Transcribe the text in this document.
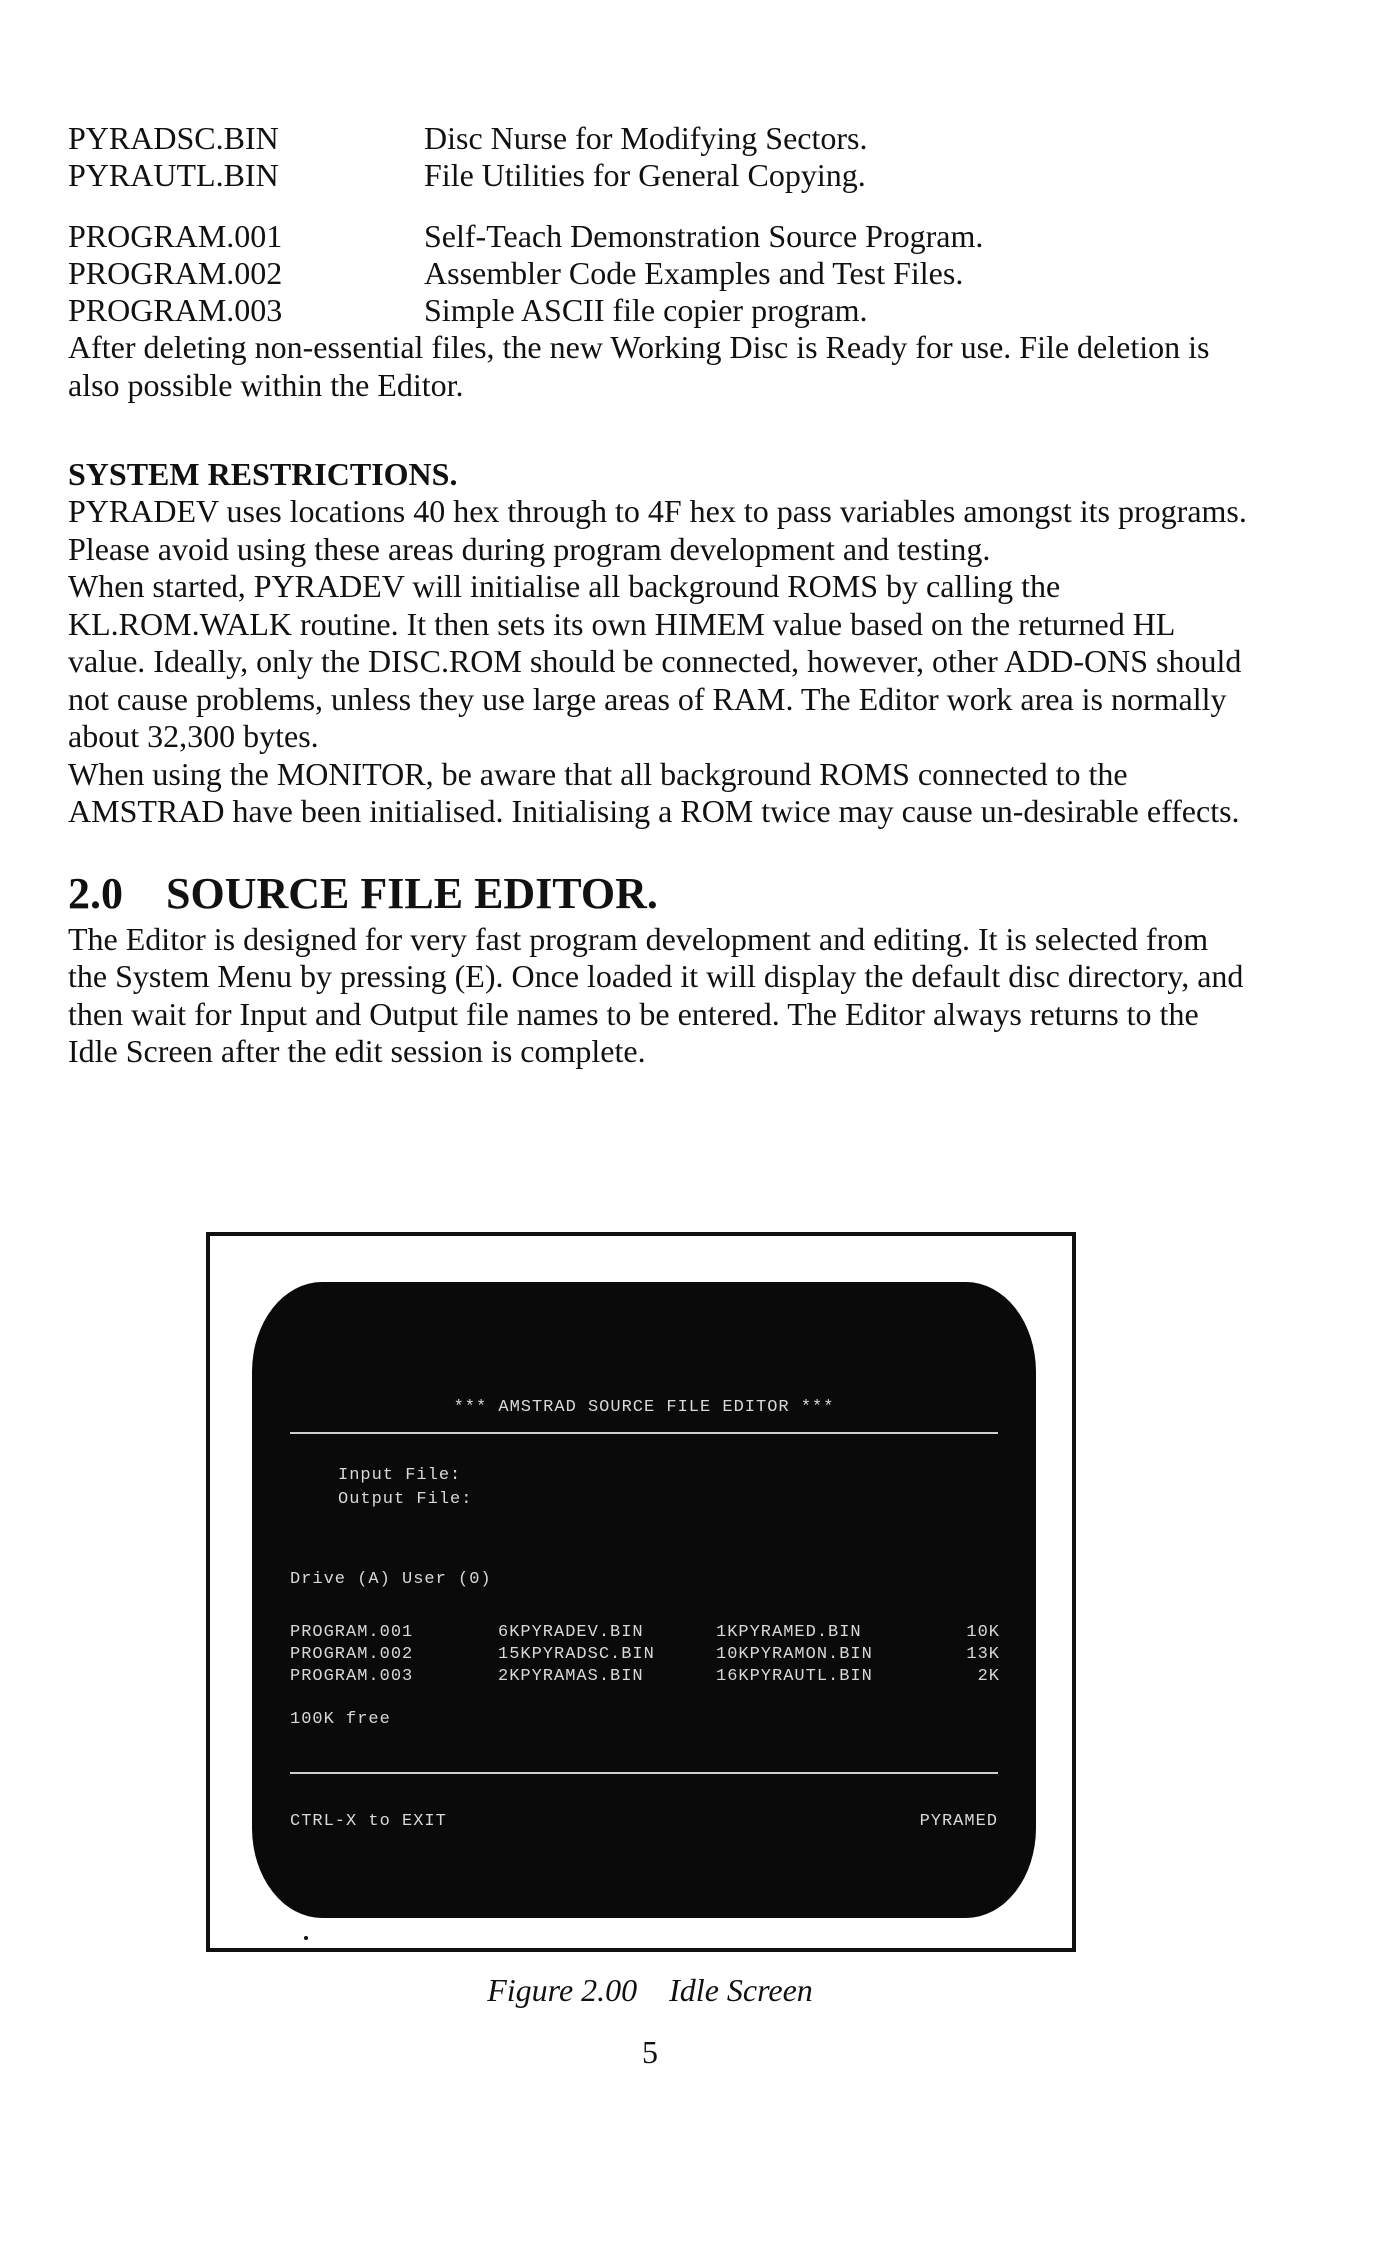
PYRADSC.BIN	Disc Nurse for Modifying Sectors.
PYRAUTL.BIN	File Utilities for General Copying.
PROGRAM.001	Self-Teach Demonstration Source Program.
PROGRAM.002	Assembler Code Examples and Test Files.
PROGRAM.003	Simple ASCII file copier program.

After deleting non-essential files, the new Working Disc is Ready for use. File deletion is also possible within the Editor.

SYSTEM RESTRICTIONS.

PYRADEV uses locations 40 hex through to 4F hex to pass variables amongst its programs. Please avoid using these areas during program development and testing.

When started, PYRADEV will initialise all background ROMS by calling the KL.ROM.WALK routine. It then sets its own HIMEM value based on the returned HL value. Ideally, only the DISC.ROM should be connected, however, other ADD-ONS should not cause problems, unless they use large areas of RAM. The Editor work area is normally about 32,300 bytes.

When using the MONITOR, be aware that all background ROMS connected to the AMSTRAD have been initialised. Initialising a ROM twice may cause un-desirable effects.

2.0 SOURCE FILE EDITOR.

The Editor is designed for very fast program development and editing. It is selected from the System Menu by pressing (E). Once loaded it will display the default disc directory, and then wait for Input and Output file names to be entered. The Editor always returns to the Idle Screen after the edit session is complete.

*** AMSTRAD SOURCE FILE EDITOR ***
Input File:
Output File:
Drive (A) User (0)
PROGRAM.001	6KPYRADEV.BIN	1KPYRAMED.BIN	10K
PROGRAM.002	15KPYRADSC.BIN	10KPYRAMON.BIN	13K
PROGRAM.003	2KPYRAMAS.BIN	16KPYRAUTL.BIN	2K
100K free
CTRL-X to EXIT	PYRAMED
Figure 2.00 Idle Screen
5
